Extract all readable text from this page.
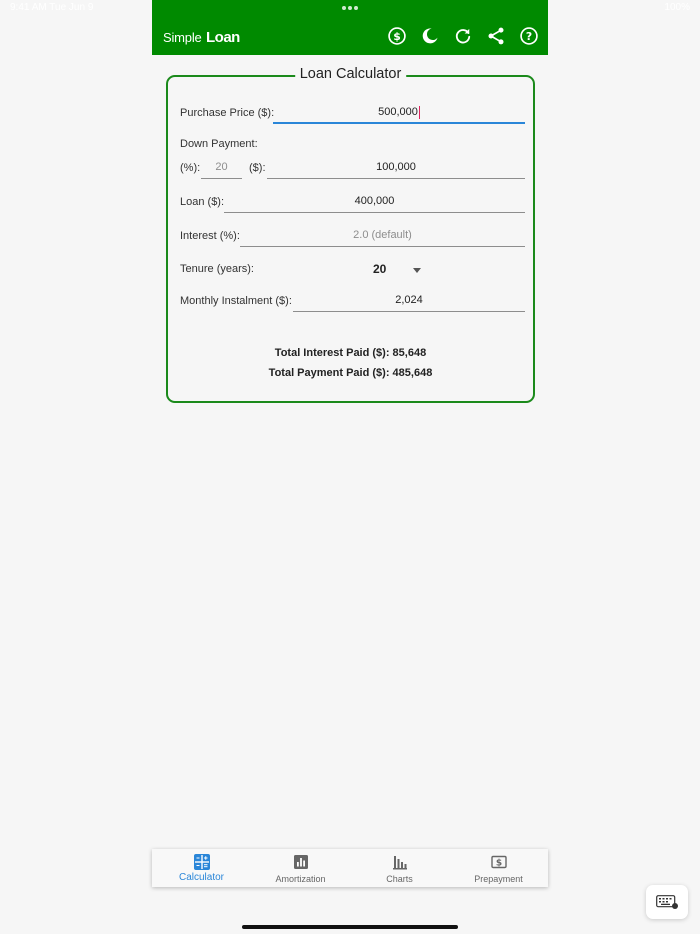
9:41 AM Tue Jun 9	100%
Simple Loan	$	?
Loan Calculator
Purchase Price ($):	500,000
Down Payment:
(%):	20	($):	100,000
Loan ($):	400,000
Interest (%):	2.0 (default)
Tenure (years):	20
Monthly Instalment ($):	2,024
Total Interest Paid ($): 85,648
Total Payment Paid ($): 485,648
Calculator	Amortization	Charts
$
Prepayment
